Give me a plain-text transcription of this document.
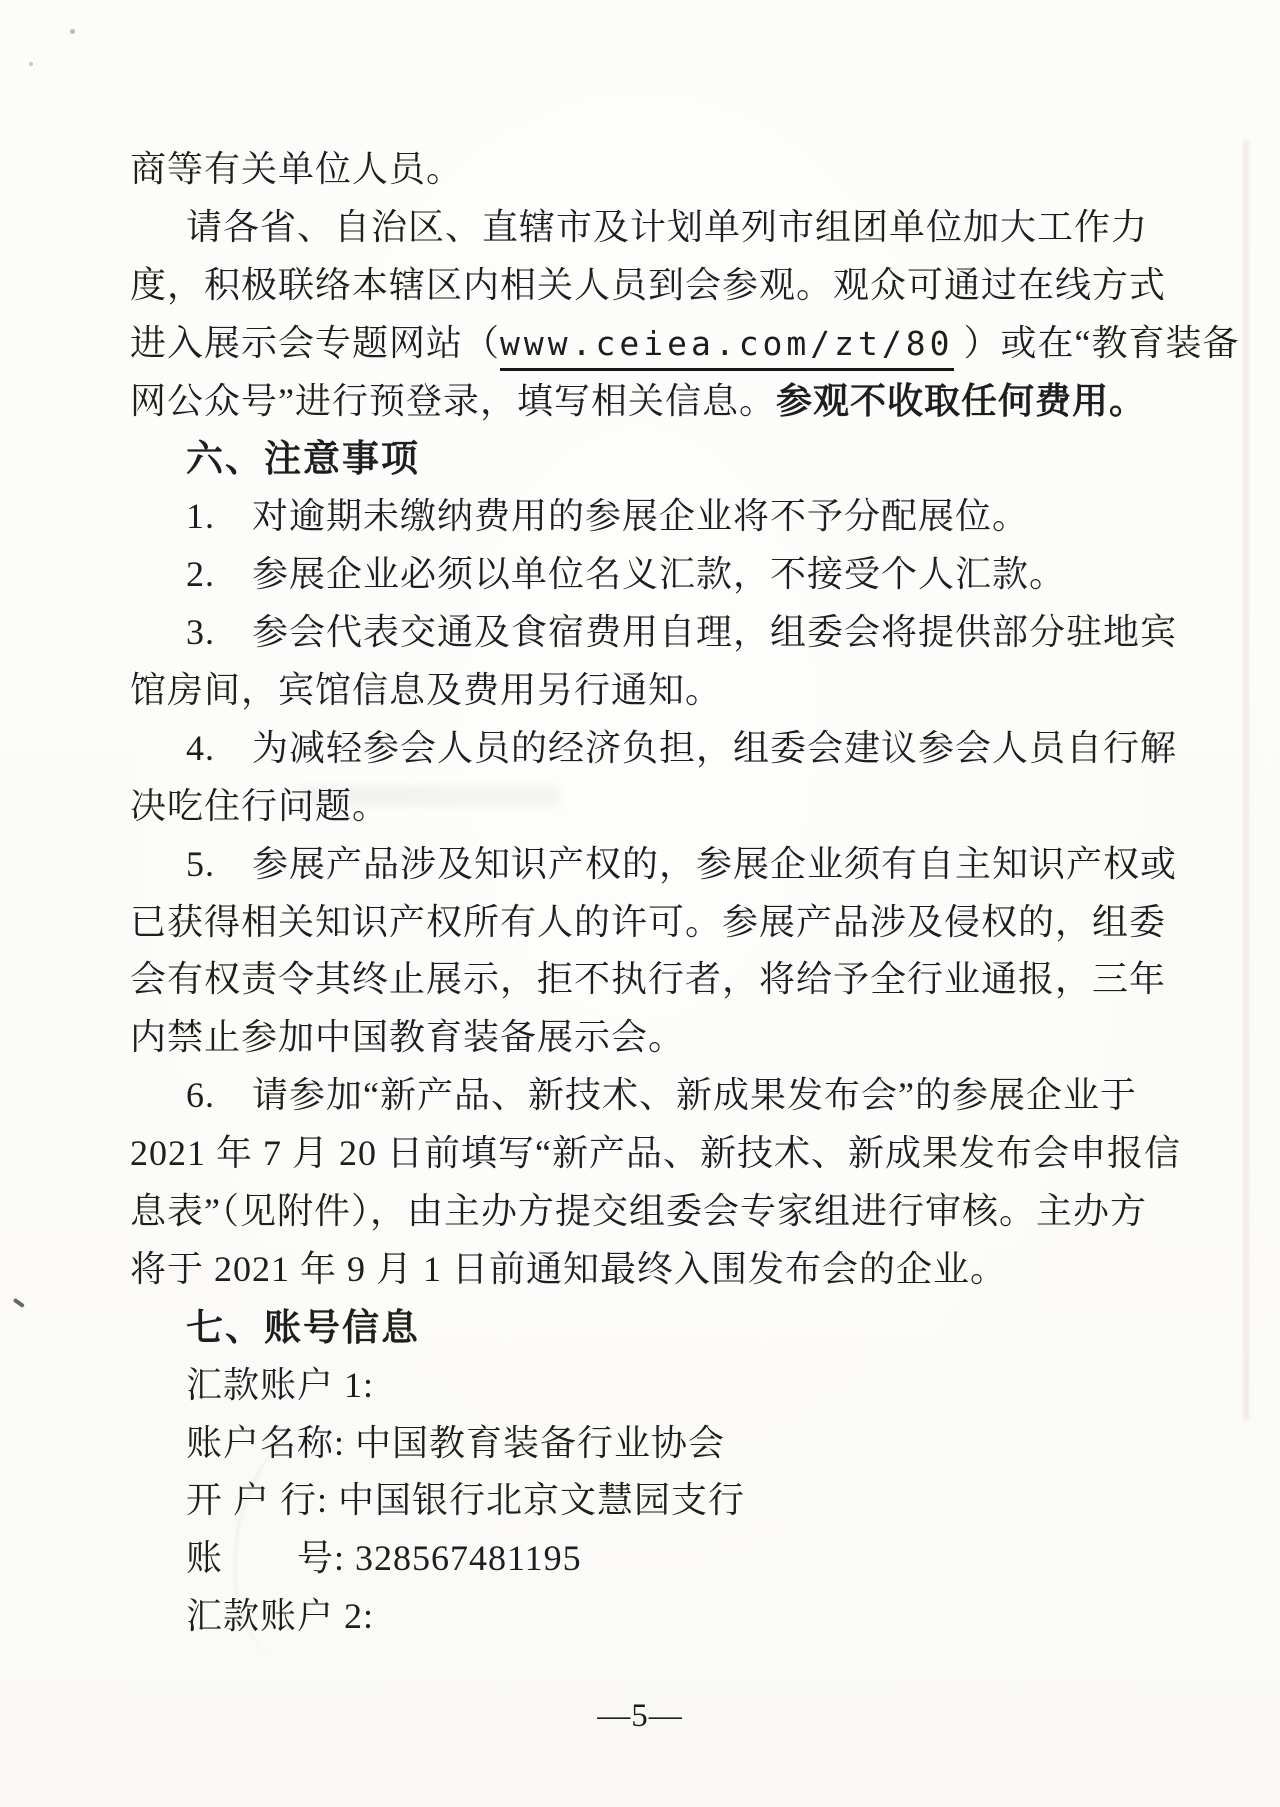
商等有关单位人员。
请各省、自治区、直辖市及计划单列市组团单位加大工作力
度，积极联络本辖区内相关人员到会参观。观众可通过在线方式
进入展示会专题网站（www.ceiea.com/zt/80 ）或在“教育装备
网公众号”进行预登录，填写相关信息。参观不收取任何费用。
六、注意事项
1.　对逾期未缴纳费用的参展企业将不予分配展位。
2.　参展企业必须以单位名义汇款，不接受个人汇款。
3.　参会代表交通及食宿费用自理，组委会将提供部分驻地宾
馆房间，宾馆信息及费用另行通知。
4.　为减轻参会人员的经济负担，组委会建议参会人员自行解
决吃住行问题。
5.　参展产品涉及知识产权的，参展企业须有自主知识产权或
已获得相关知识产权所有人的许可。参展产品涉及侵权的，组委
会有权责令其终止展示，拒不执行者，将给予全行业通报，三年
内禁止参加中国教育装备展示会。
6.　请参加“新产品、新技术、新成果发布会”的参展企业于
2021 年 7 月 20 日前填写“新产品、新技术、新成果发布会申报信
息表”（见附件），由主办方提交组委会专家组进行审核。主办方
将于 2021 年 9 月 1 日前通知最终入围发布会的企业。
七、账号信息
汇款账户 1:
账户名称: 中国教育装备行业协会
开 户 行: 中国银行北京文慧园支行
账　　号: 328567481195
汇款账户 2:
—5—
